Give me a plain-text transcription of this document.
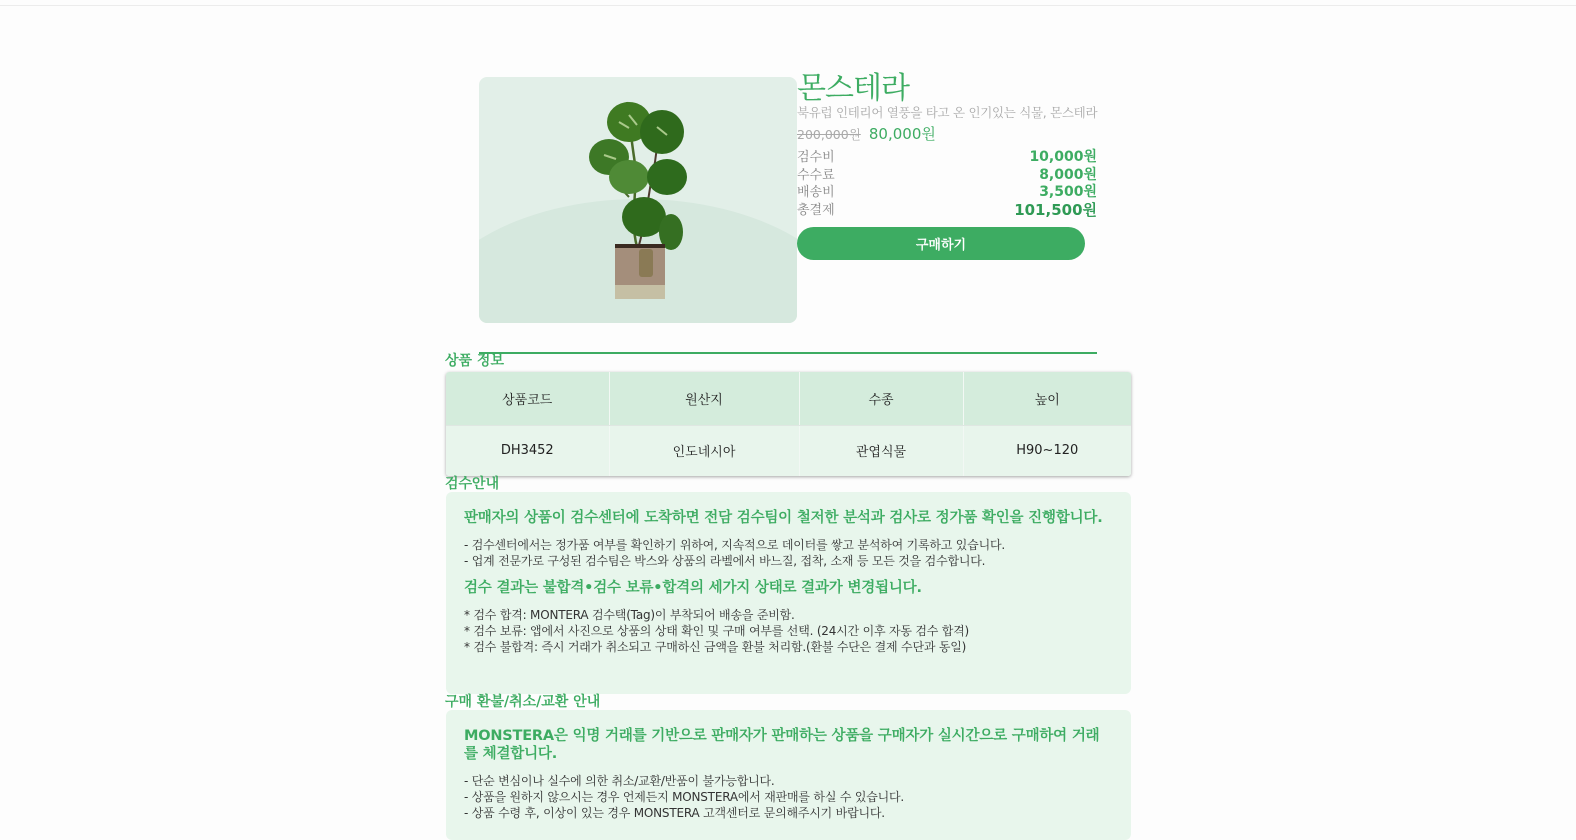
몬스테라
북유럽 인테리어 열풍을 타고 온 인기있는 식물, 몬스테라
200,000원 80,000원
검수비	10,000원
수수료	8,000원
배송비	3,500원
총결제	101,500원
구매하기
상품 정보
상품코드	원산지	수종	높이
DH3452	인도네시아	관엽식물	H90~120
검수안내
판매자의 상품이 검수센터에 도착하면 전담 검수팀이 철저한 분석과 검사로 정가품 확인을 진행합니다.
- 검수센터에서는 정가품 여부를 확인하기 위하여, 지속적으로 데이터를 쌓고 분석하여 기록하고 있습니다.
- 업계 전문가로 구성된 검수팀은 박스와 상품의 라벨에서 바느질, 접착, 소재 등 모든 것을 검수합니다.
검수 결과는 불합격•검수 보류•합격의 세가지 상태로 결과가 변경됩니다.
* 검수 합격: MONTERA 검수택(Tag)이 부착되어 배송을 준비함.
* 검수 보류: 앱에서 사진으로 상품의 상태 확인 및 구매 여부를 선택. (24시간 이후 자동 검수 합격)
* 검수 불합격: 즉시 거래가 취소되고 구매하신 금액을 환불 처리함.(환불 수단은 결제 수단과 동일)
구매 환불/취소/교환 안내
MONSTERA은 익명 거래를 기반으로 판매자가 판매하는 상품을 구매자가 실시간으로 구매하여 거래를 체결합니다.
- 단순 변심이나 실수에 의한 취소/교환/반품이 불가능합니다.
- 상품을 원하지 않으시는 경우 언제든지 MONSTERA에서 재판매를 하실 수 있습니다.
- 상품 수령 후, 이상이 있는 경우 MONSTERA 고객센터로 문의해주시기 바랍니다.
